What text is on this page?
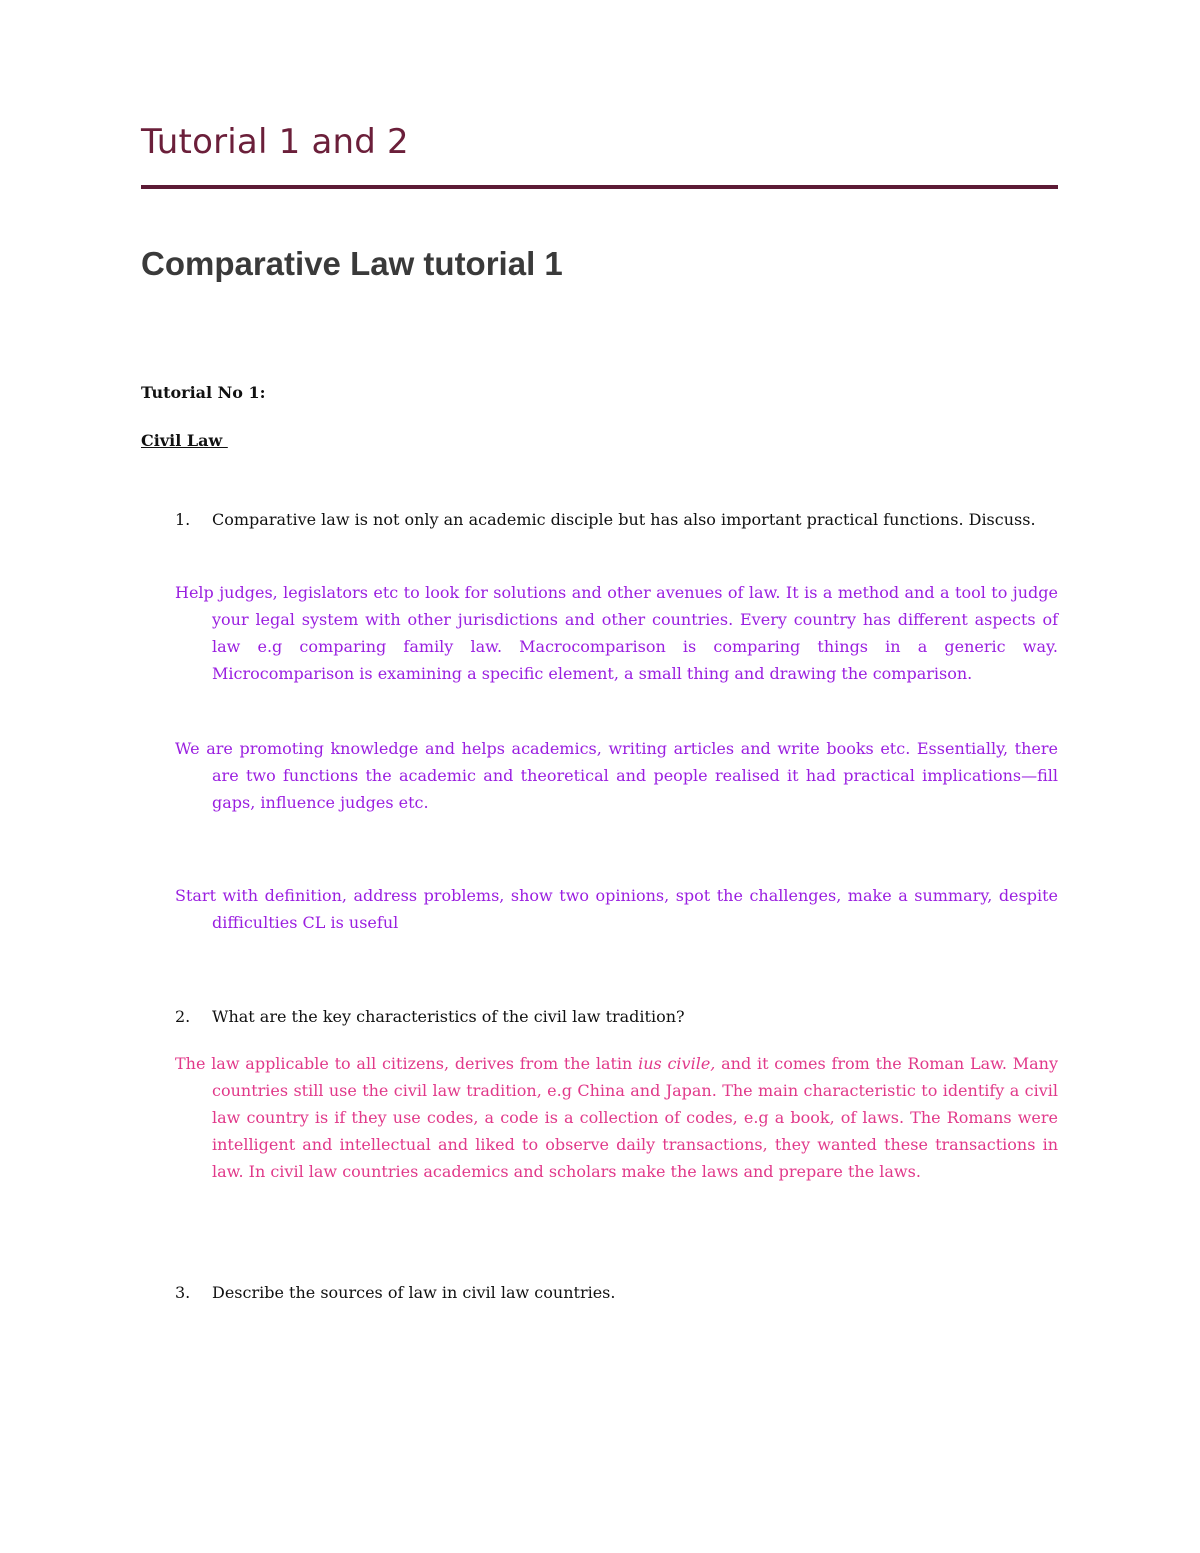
Tutorial 1 and 2
Comparative Law tutorial 1
Tutorial No 1:
Civil Law
1.	Comparative law is not only an academic disciple but has also important practical functions. Discuss.
Help judges, legislators etc to look for solutions and other avenues of law. It is a method and a tool to judge your legal system with other jurisdictions and other countries. Every country has different aspects of law e.g comparing family law. Macrocomparison is comparing things in a generic way. Microcomparison is examining a specific element, a small thing and drawing the comparison.
We are promoting knowledge and helps academics, writing articles and write books etc. Essentially, there are two functions the academic and theoretical and people realised it had practical implications—fill gaps, influence judges etc.
Start with definition, address problems, show two opinions, spot the challenges, make a summary, despite difficulties CL is useful
2.	What are the key characteristics of the civil law tradition?
The law applicable to all citizens, derives from the latin ius civile, and it comes from the Roman Law. Many countries still use the civil law tradition, e.g China and Japan. The main characteristic to identify a civil law country is if they use codes, a code is a collection of codes, e.g a book, of laws. The Romans were intelligent and intellectual and liked to observe daily transactions, they wanted these transactions in law. In civil law countries academics and scholars make the laws and prepare the laws.
3.	Describe the sources of law in civil law countries.
